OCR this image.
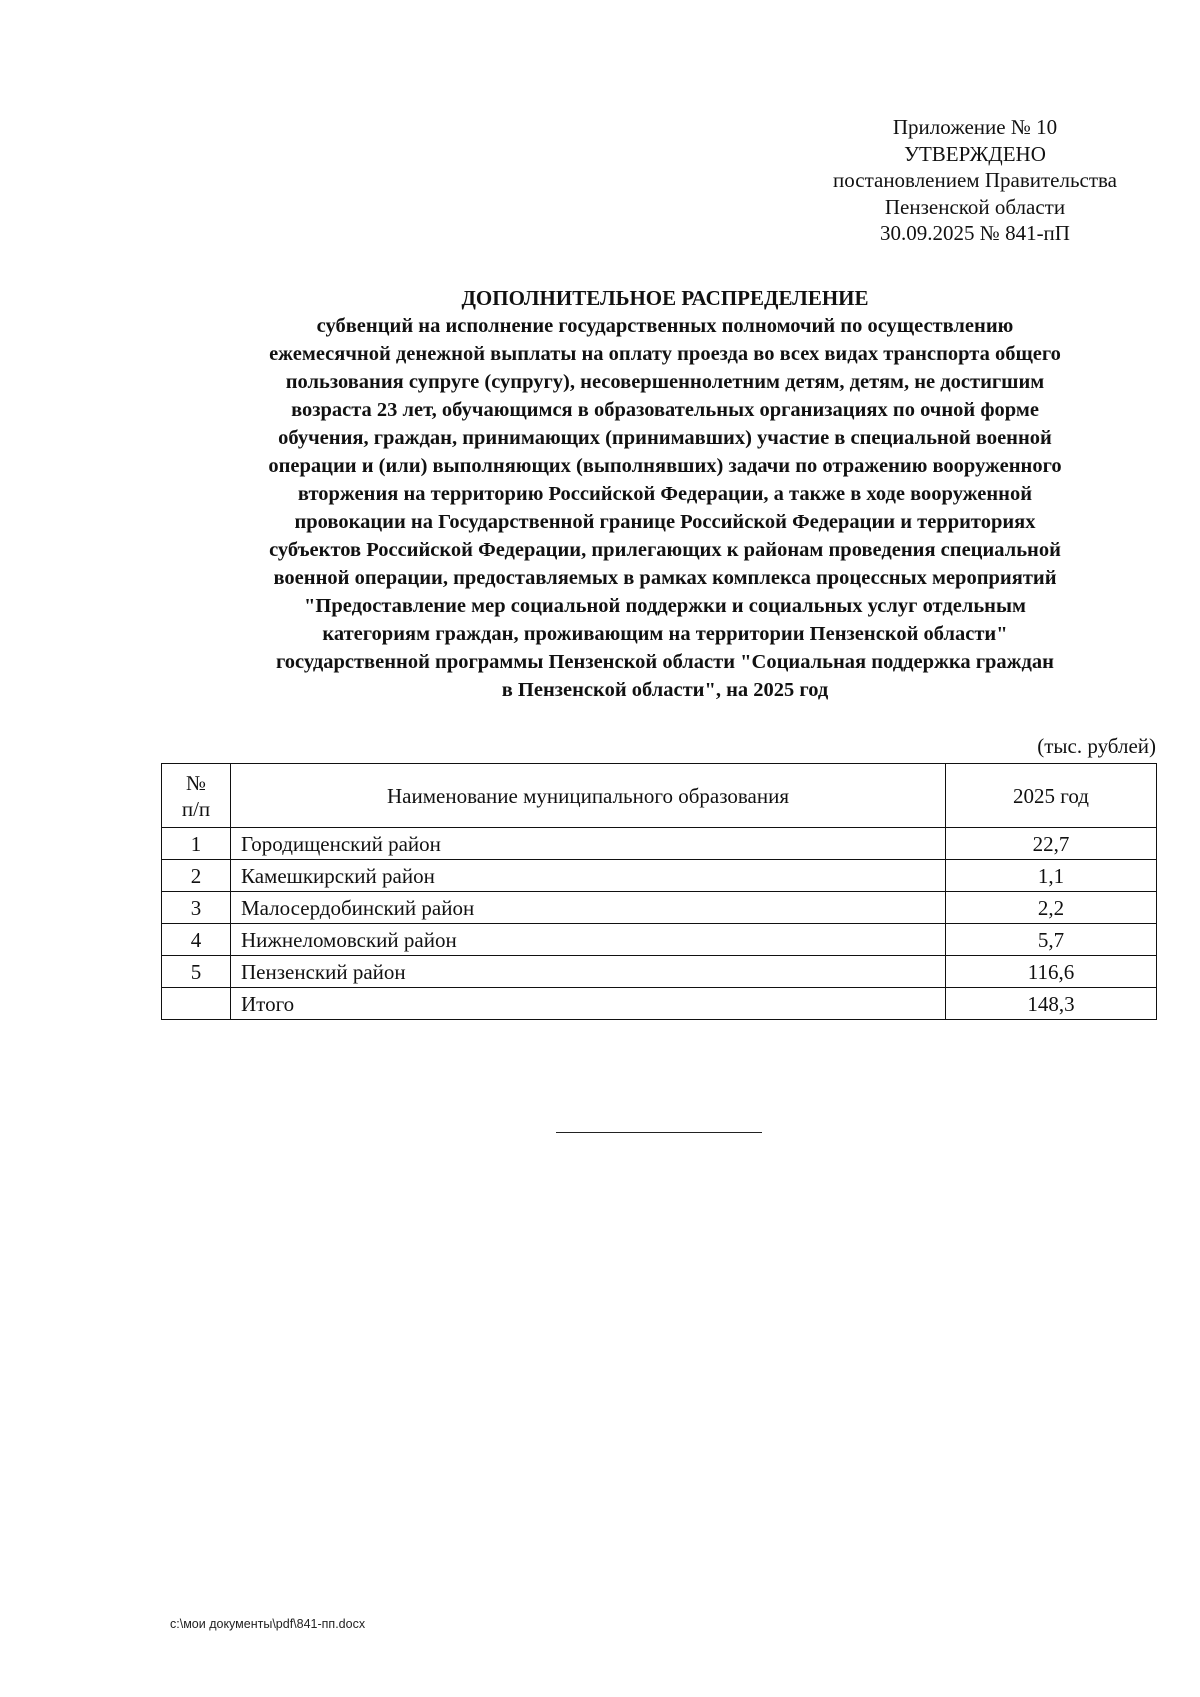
Приложение № 10
УТВЕРЖДЕНО
постановлением Правительства
Пензенской области
30.09.2025 № 841-пП
ДОПОЛНИТЕЛЬНОЕ РАСПРЕДЕЛЕНИЕ
субвенций на исполнение государственных полномочий по осуществлению
ежемесячной денежной выплаты на оплату проезда во всех видах транспорта общего
пользования супруге (супругу), несовершеннолетним детям, детям, не достигшим
возраста 23 лет, обучающимся в образовательных организациях по очной форме
обучения, граждан, принимающих (принимавших) участие в специальной военной
операции и (или) выполняющих (выполнявших) задачи по отражению вооруженного
вторжения на территорию Российской Федерации, а также в ходе вооруженной
провокации на Государственной границе Российской Федерации и территориях
субъектов Российской Федерации, прилегающих к районам проведения специальной
военной операции, предоставляемых в рамках комплекса процессных мероприятий
"Предоставление мер социальной поддержки и социальных услуг отдельным
категориям граждан, проживающим на территории Пензенской области"
государственной программы Пензенской области "Социальная поддержка граждан
в Пензенской области", на 2025 год
(тыс. рублей)
№
п/п	Наименование муниципального образования	2025 год
1	Городищенский район	22,7
2	Камешкирский район	1,1
3	Малосердобинский район	2,2
4	Нижнеломовский район	5,7
5	Пензенский район	116,6
	Итого	148,3
c:\мои документы\pdf\841-пп.docx
